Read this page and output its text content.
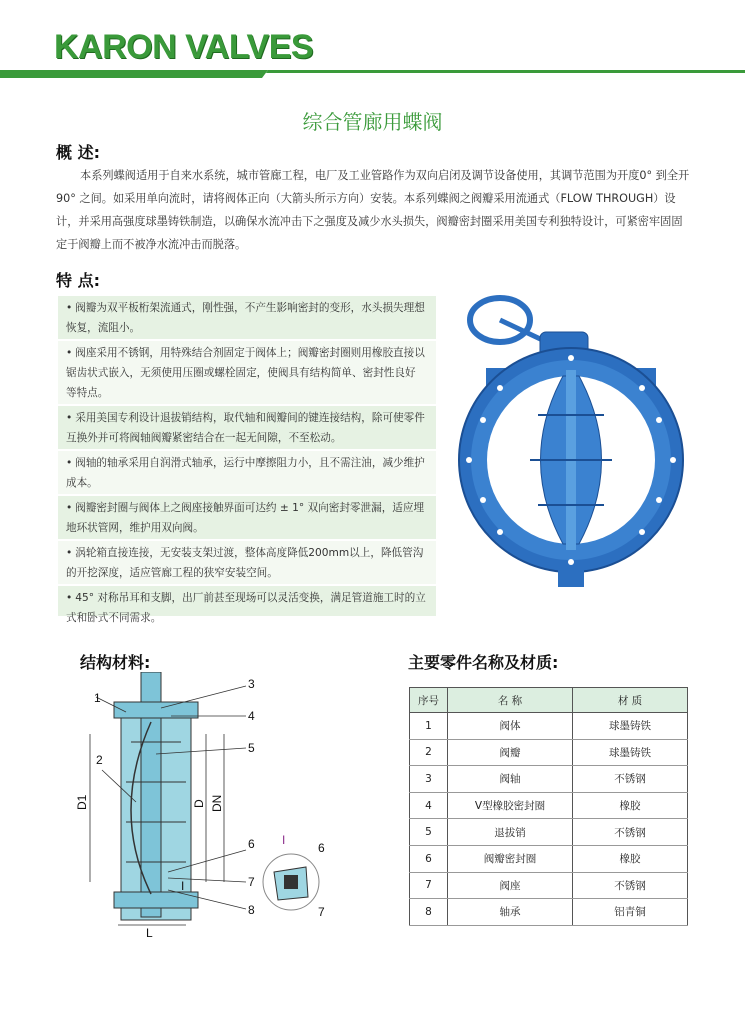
KARON VALVES
综合管廊用蝶阀
概 述:
本系列蝶阀适用于自来水系统，城市管廊工程，电厂及工业管路作为双向启闭及调节设备使用，其调节范围为开度0° 到全开90° 之间。如采用单向流时，请将阀体正向（大箭头所示方向）安装。本系列蝶阀之阀瓣采用流通式（FLOW THROUGH）设计，并采用高强度球墨铸铁制造，以确保水流冲击下之强度及减少水头损失，阀瓣密封圈采用美国专利独特设计，可紧密牢固固定于阀瓣上而不被净水流冲击而脱落。
特 点:
• 阀瓣为双平板桁架流通式，刚性强，不产生影响密封的变形，水头损失理想恢复，流阻小。
• 阀座采用不锈钢，用特殊结合剂固定于阀体上；阀瓣密封圈则用橡胶直接以锯齿状式嵌入，无须使用压圈或螺栓固定，使阀具有结构简单、密封性良好等特点。
• 采用美国专利设计退拔销结构，取代轴和阀瓣间的键连接结构，除可使零件互换外并可将阀轴阀瓣紧密结合在一起无间隙，不至松动。
• 阀轴的轴承采用自润滑式轴承，运行中摩擦阻力小，且不需注油，减少维护成本。
• 阀瓣密封圈与阀体上之阀座接触界面可达约 ± 1° 双向密封零泄漏，适应埋地环状管网，维护用双向阀。
• 涡轮箱直接连接，无安装支架过渡，整体高度降低200mm以上，降低管沟的开挖深度，适应管廊工程的狭窄安装空间。
• 45° 对称吊耳和支脚，出厂前甚至现场可以灵活变换，满足管道施工时的立式和卧式不同需求。
结构材料:	主要零件名称及材质:
1
2
3
4
5
6
7
8
D1	D DN
L
I
I
6
7
序号	名 称	材 质
1	阀体	球墨铸铁
2	阀瓣	球墨铸铁
3	阀轴	不锈钢
4	V型橡胶密封圈	橡胶
5	退拔销	不锈钢
6	阀瓣密封圈	橡胶
7	阀座	不锈钢
8	轴承	铝青铜
